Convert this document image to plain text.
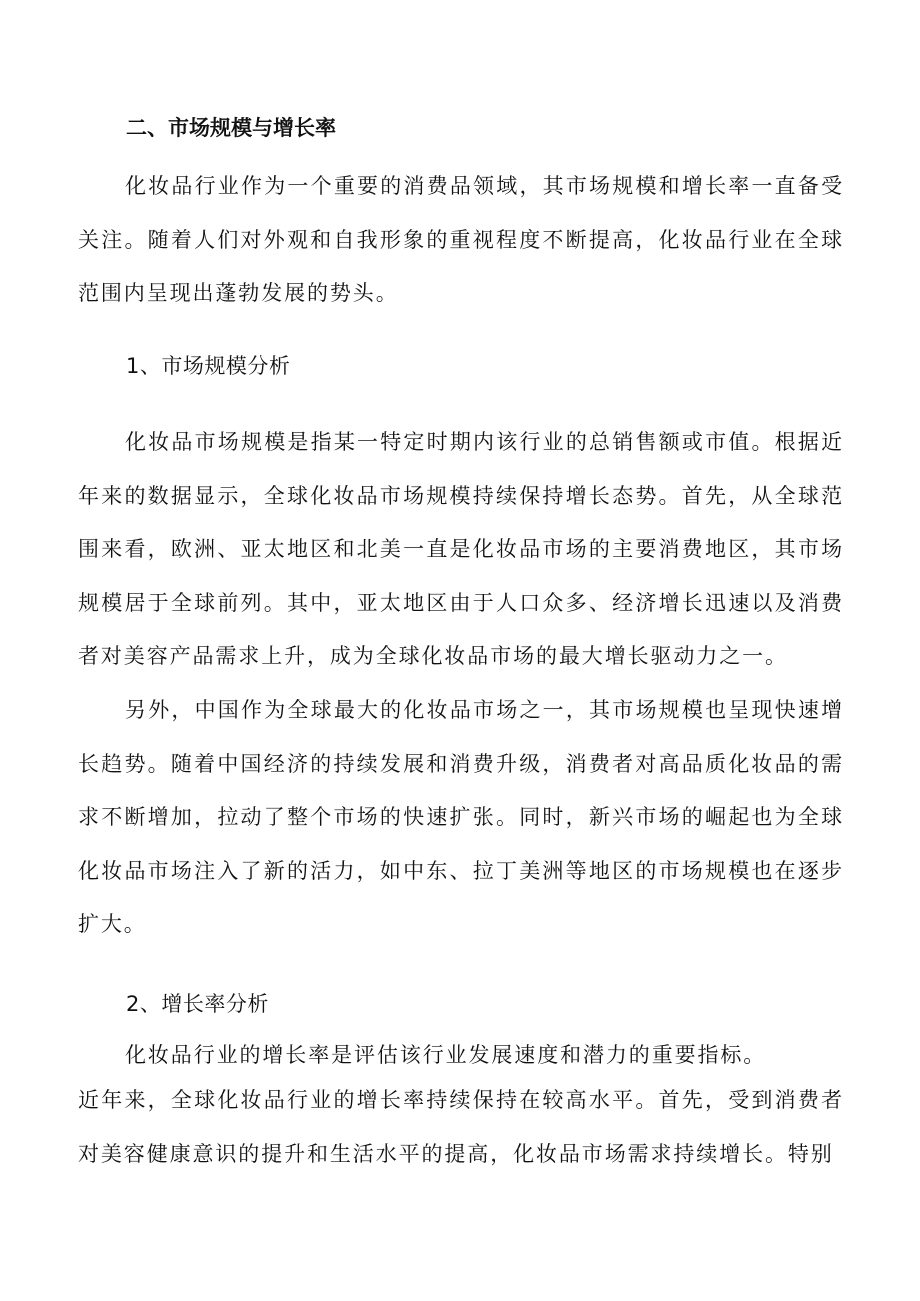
二、市场规模与增长率

化妆品行业作为一个重要的消费品领域，其市场规模和增长率一直备受关注。随着人们对外观和自我形象的重视程度不断提高，化妆品行业在全球范围内呈现出蓬勃发展的势头。

1、市场规模分析

化妆品市场规模是指某一特定时期内该行业的总销售额或市值。根据近年来的数据显示，全球化妆品市场规模持续保持增长态势。首先，从全球范围来看，欧洲、亚太地区和北美一直是化妆品市场的主要消费地区，其市场规模居于全球前列。其中，亚太地区由于人口众多、经济增长迅速以及消费者对美容产品需求上升，成为全球化妆品市场的最大增长驱动力之一。

另外，中国作为全球最大的化妆品市场之一，其市场规模也呈现快速增长趋势。随着中国经济的持续发展和消费升级，消费者对高品质化妆品的需求不断增加，拉动了整个市场的快速扩张。同时，新兴市场的崛起也为全球化妆品市场注入了新的活力，如中东、拉丁美洲等地区的市场规模也在逐步扩大。

2、增长率分析
化妆品行业的增长率是评估该行业发展速度和潜力的重要指标。

近年来，全球化妆品行业的增长率持续保持在较高水平。首先，受到消费者对美容健康意识的提升和生活水平的提高，化妆品市场需求持续增长。特别
